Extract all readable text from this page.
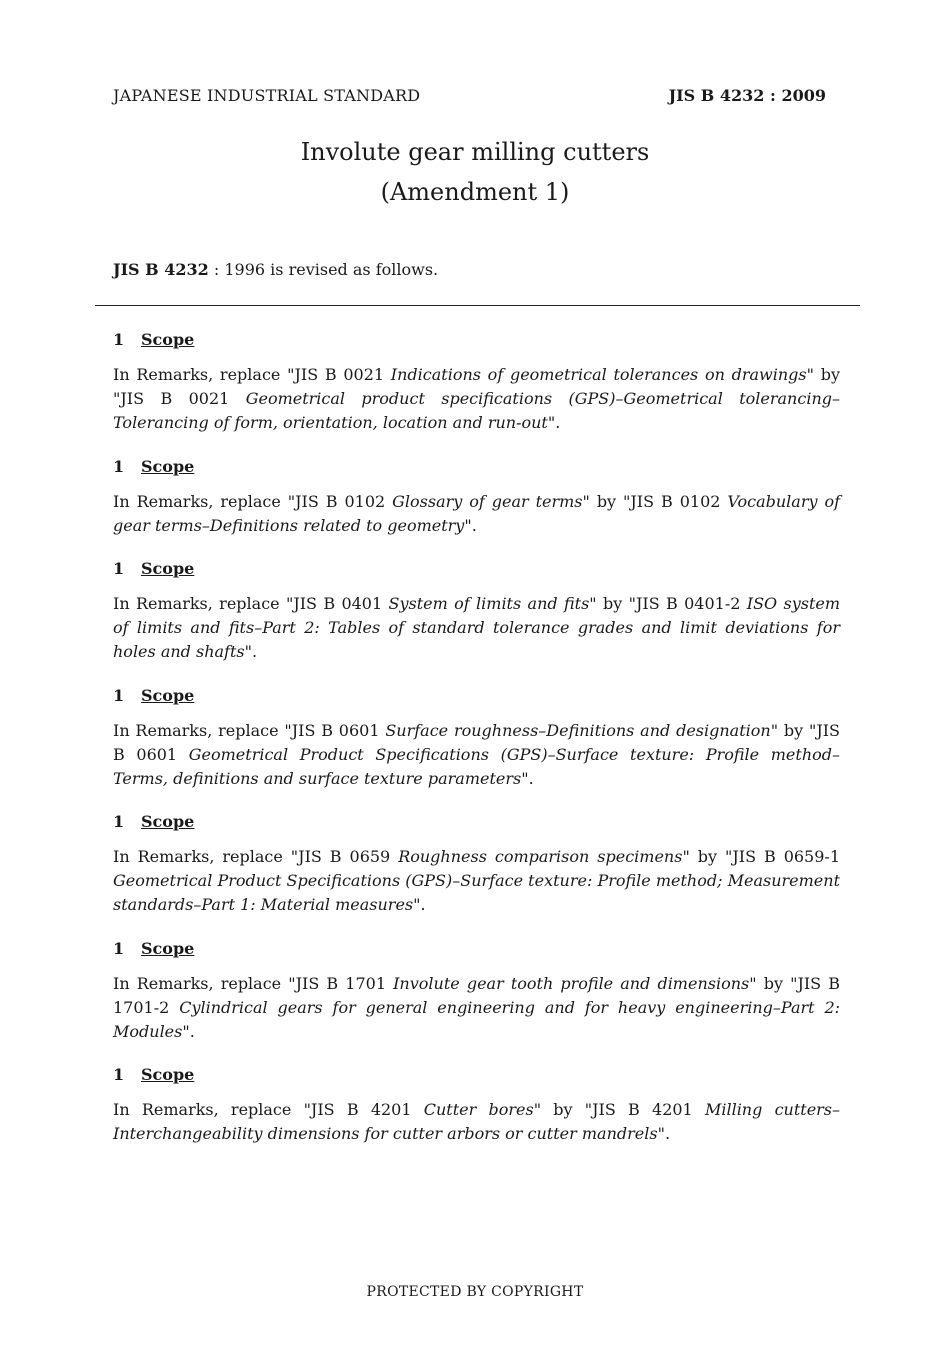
JAPANESE INDUSTRIAL STANDARD	JIS B 4232 : 2009
Involute gear milling cutters
(Amendment 1)
JIS B 4232 : 1996 is revised as follows.
1 Scope
In Remarks, replace "JIS B 0021 Indications of geometrical tolerances on drawings" by "JIS B 0021 Geometrical product specifications (GPS)–Geometrical tolerancing–Tolerancing of form, orientation, location and run-out".
1 Scope
In Remarks, replace "JIS B 0102 Glossary of gear terms" by "JIS B 0102 Vocabulary of gear terms–Definitions related to geometry".
1 Scope
In Remarks, replace "JIS B 0401 System of limits and fits" by "JIS B 0401-2 ISO system of limits and fits–Part 2: Tables of standard tolerance grades and limit deviations for holes and shafts".
1 Scope
In Remarks, replace "JIS B 0601 Surface roughness–Definitions and designation" by "JIS B 0601 Geometrical Product Specifications (GPS)–Surface texture: Profile method–Terms, definitions and surface texture parameters".
1 Scope
In Remarks, replace "JIS B 0659 Roughness comparison specimens" by "JIS B 0659-1 Geometrical Product Specifications (GPS)–Surface texture: Profile method; Measurement standards–Part 1: Material measures".
1 Scope
In Remarks, replace "JIS B 1701 Involute gear tooth profile and dimensions" by "JIS B 1701-2 Cylindrical gears for general engineering and for heavy engineering–Part 2: Modules".
1 Scope
In Remarks, replace "JIS B 4201 Cutter bores" by "JIS B 4201 Milling cutters–Interchangeability dimensions for cutter arbors or cutter mandrels".
PROTECTED BY COPYRIGHT
